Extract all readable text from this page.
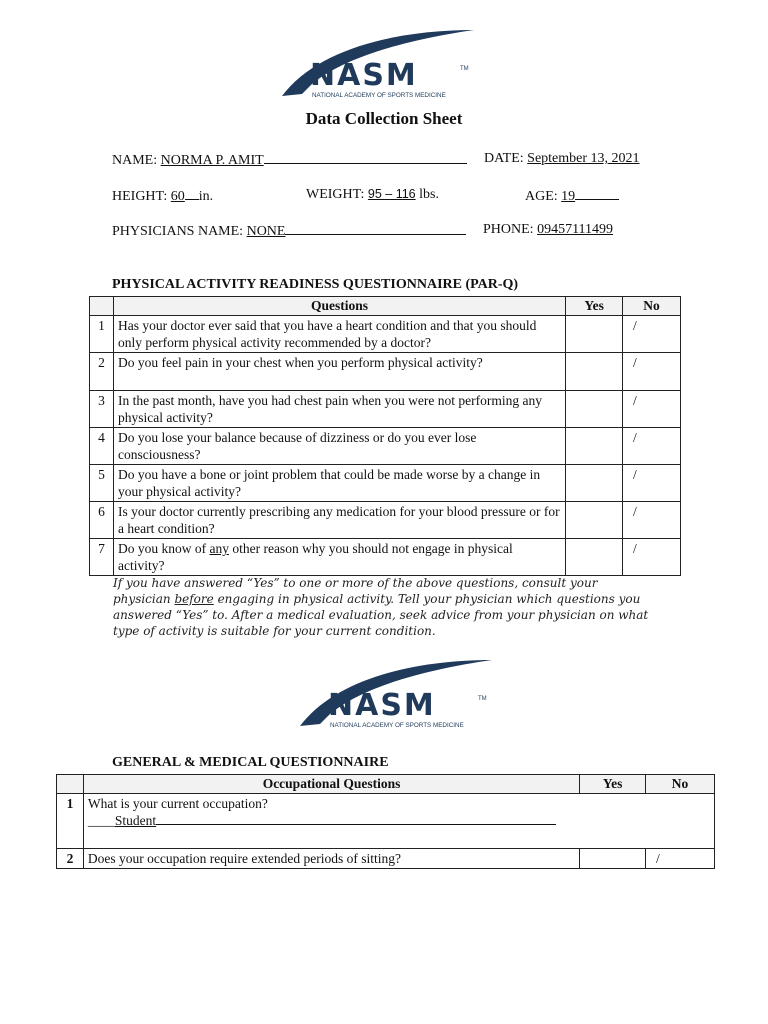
NASM	TM
NATIONAL ACADEMY OF SPORTS MEDICINE
Data Collection Sheet
NAME: NORMA P. AMIT	DATE: September 13, 2021
HEIGHT: 60 in.	WEIGHT: 95 – 116 lbs.	AGE: 19
PHYSICIANS NAME: NONE	PHONE: 09457111499
PHYSICAL ACTIVITY READINESS QUESTIONNAIRE (PAR-Q)
	Questions	Yes	No
1	Has your doctor ever said that you have a heart condition and that you should only perform physical activity recommended by a doctor?		/
2	Do you feel pain in your chest when you perform physical activity?		/
3	In the past month, have you had chest pain when you were not performing any physical activity?		/
4	Do you lose your balance because of dizziness or do you ever lose consciousness?		/
5	Do you have a bone or joint problem that could be made worse by a change in your physical activity?		/
6	Is your doctor currently prescribing any medication for your blood pressure or for a heart condition?		/
7	Do you know of any other reason why you should not engage in physical activity?		/
If you have answered “Yes” to one or more of the above questions, consult your physician before engaging in physical activity. Tell your physician which questions you answered “Yes” to. After a medical evaluation, seek advice from your physician on what type of activity is suitable for your current condition.
NASM	TM
NATIONAL ACADEMY OF SPORTS MEDICINE
GENERAL & MEDICAL QUESTIONNAIRE
	Occupational Questions	Yes	No
1	What is your current occupation?
____Student		

2	Does your occupation require extended periods of sitting?		/
